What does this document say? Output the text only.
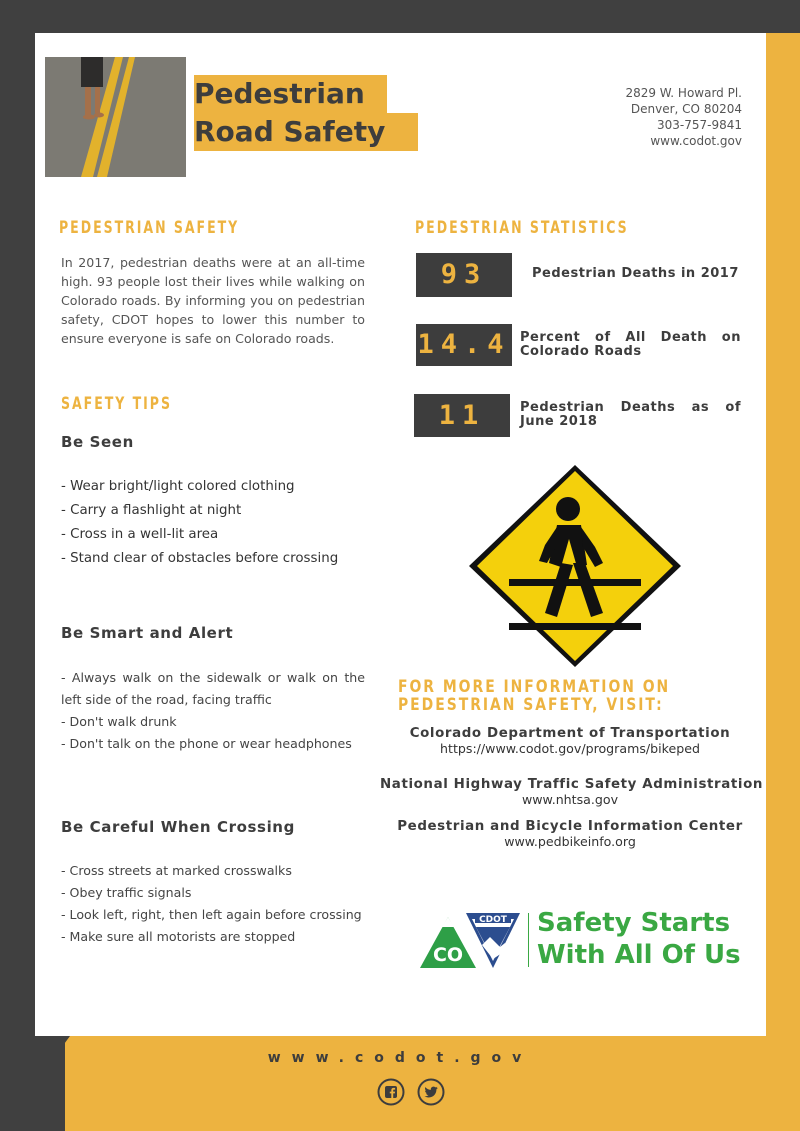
Pedestrian
Road Safety
2829 W. Howard Pl.
Denver, CO 80204
303-757-9841
www.codot.gov
PEDESTRIAN SAFETY
In 2017, pedestrian deaths were at an all-time high. 93 people lost their lives while walking on Colorado roads. By informing you on pedestrian safety, CDOT hopes to lower this number to ensure everyone is safe on Colorado roads.
SAFETY TIPS
Be Seen
- Wear bright/light colored clothing
- Carry a flashlight at night
- Cross in a well-lit area
- Stand clear of obstacles before crossing
Be Smart and Alert
- Always walk on the sidewalk or walk on the left side of the road, facing traffic
- Don't walk drunk
- Don't talk on the phone or wear headphones
Be Careful When Crossing
- Cross streets at marked crosswalks
- Obey traffic signals
- Look left, right, then left again before crossing
- Make sure all motorists are stopped
PEDESTRIAN STATISTICS
93	Pedestrian Deaths in 2017
14.4 Percent of All Death on Colorado Roads
11	Pedestrian Deaths as of June 2018
FOR MORE INFORMATION ON
PEDESTRIAN SAFETY, VISIT:
Colorado Department of Transportation
https://www.codot.gov/programs/bikeped
National Highway Traffic Safety Administration
www.nhtsa.gov
Pedestrian and Bicycle Information Center
www.pedbikeinfo.org
CO
CDOT Safety Starts
With All Of Us
www.codot.gov
